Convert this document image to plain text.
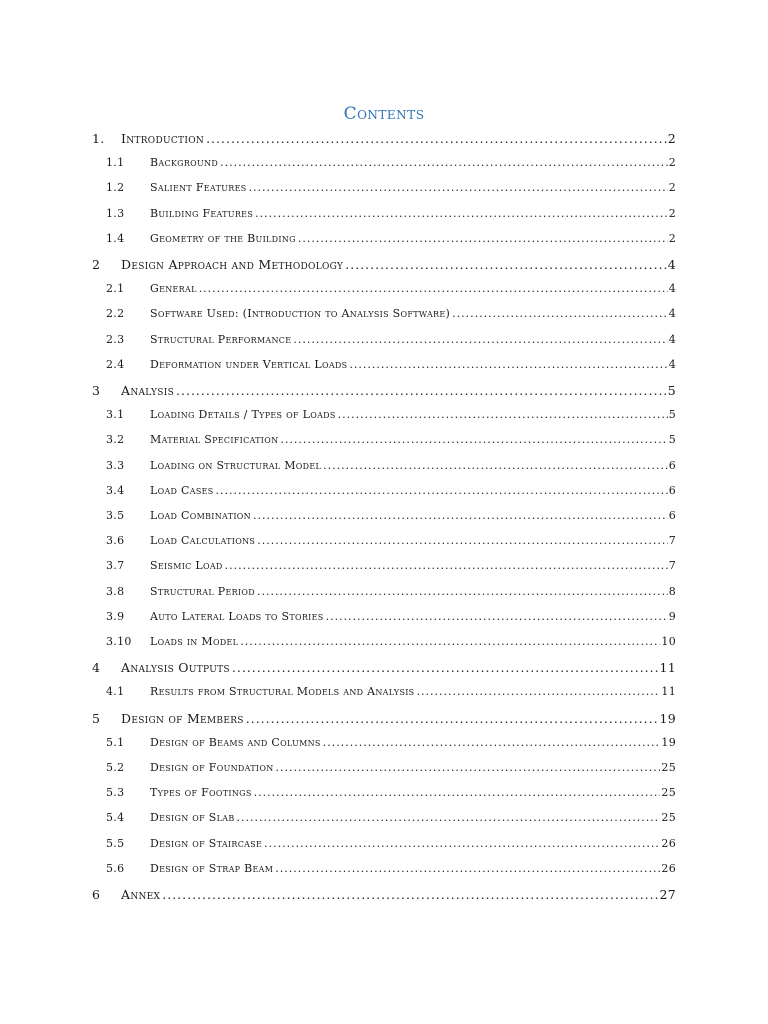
Contents
1.	Introduction .....	2
1.1	Background .....	2
1.2	Salient Features .....	2
1.3	Building Features .....	2
1.4	Geometry of the Building .....	2
2	Design Approach and Methodology .....	4
2.1	General .....	4
2.2	Software Used: (Introduction to Analysis Software) .....	4
2.3	Structural Performance .....	4
2.4	Deformation under Vertical Loads .....	4
3	Analysis .....	5
3.1	Loading Details / Types of Loads .....	5
3.2	Material Specification .....	5
3.3	Loading on Structural Model .....	6
3.4	Load Cases .....	6
3.5	Load Combination .....	6
3.6	Load Calculations .....	7
3.7	Seismic Load .....	7
3.8	Structural Period .....	8
3.9	Auto Lateral Loads to Stories .....	9
3.10	Loads in Model .....	10
4	Analysis Outputs .....	11
4.1	Results from Structural Models and Analysis .....	11
5	Design of Members .....	19
5.1	Design of Beams and Columns .....	19
5.2	Design of Foundation .....	25
5.3	Types of Footings .....	25
5.4	Design of Slab .....	25
5.5	Design of Staircase .....	26
5.6	Design of Strap Beam .....	26
6	Annex .....	27
